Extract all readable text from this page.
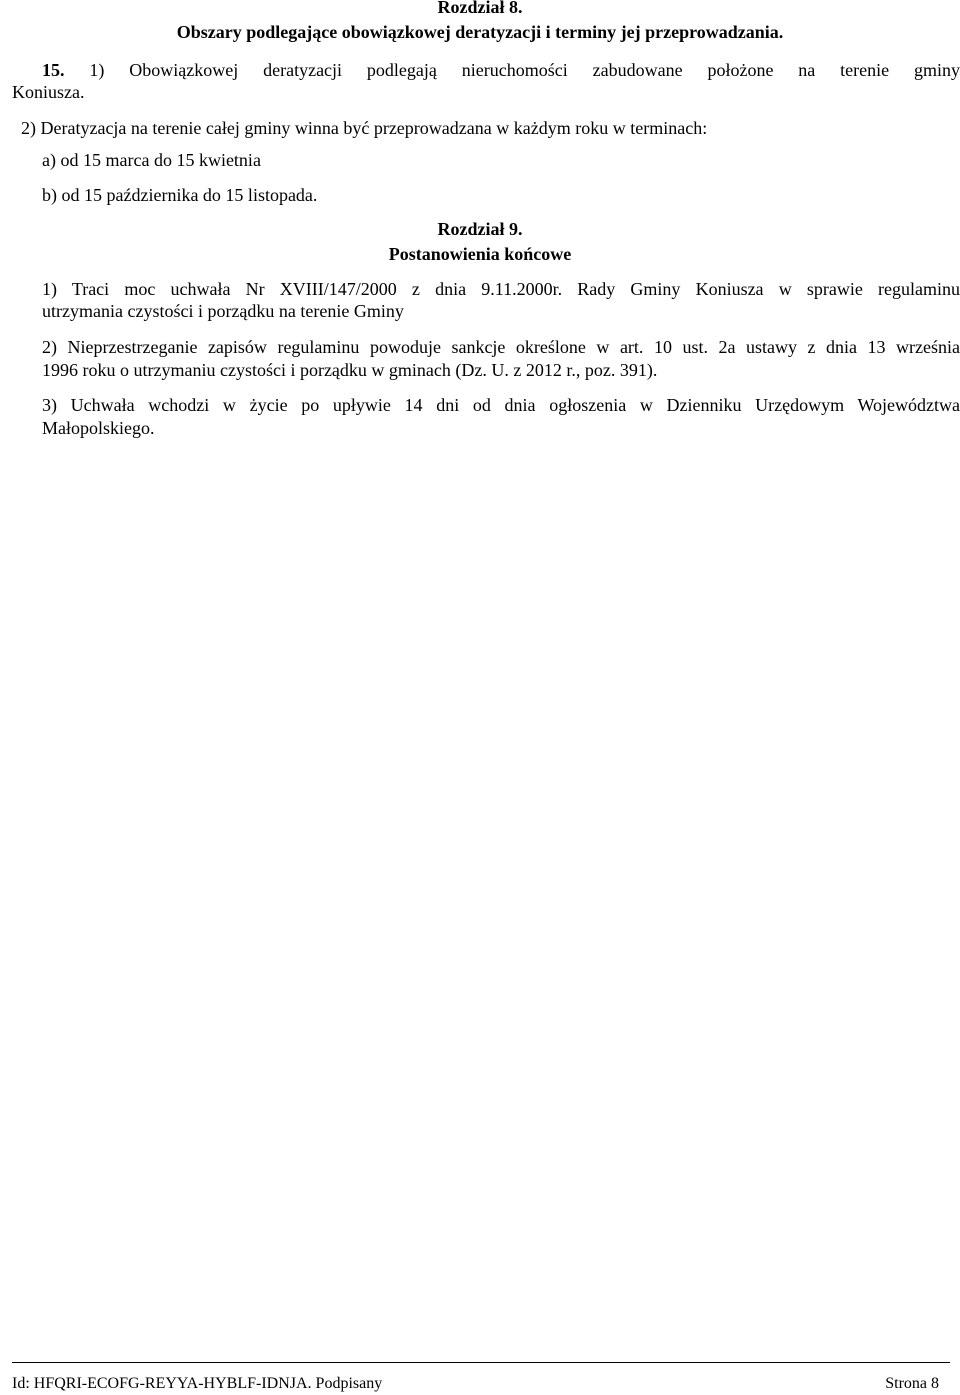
Rozdział 8.
Obszary podlegające obowiązkowej deratyzacji i terminy jej przeprowadzania.
15. 1) Obowiązkowej deratyzacji podlegają nieruchomości zabudowane położone na terenie gminy
Koniusza.
2) Deratyzacja na terenie całej gminy winna być przeprowadzana w każdym roku w terminach:
a) od 15 marca do 15 kwietnia
b) od 15 października do 15 listopada.
Rozdział 9.
Postanowienia końcowe
1) Traci moc uchwała Nr XVIII/147/2000 z dnia 9.11.2000r. Rady Gminy Koniusza w sprawie regulaminu
utrzymania czystości i porządku na terenie Gminy
2) Nieprzestrzeganie zapisów regulaminu powoduje sankcje określone w art. 10 ust. 2a ustawy z dnia 13 września
1996 roku o utrzymaniu czystości i porządku w gminach (Dz. U. z 2012 r., poz. 391).
3) Uchwała wchodzi w życie po upływie 14 dni od dnia ogłoszenia w Dzienniku Urzędowym Województwa
Małopolskiego.
Id: HFQRI-ECOFG-REYYA-HYBLF-IDNJA. Podpisany	Strona 8
